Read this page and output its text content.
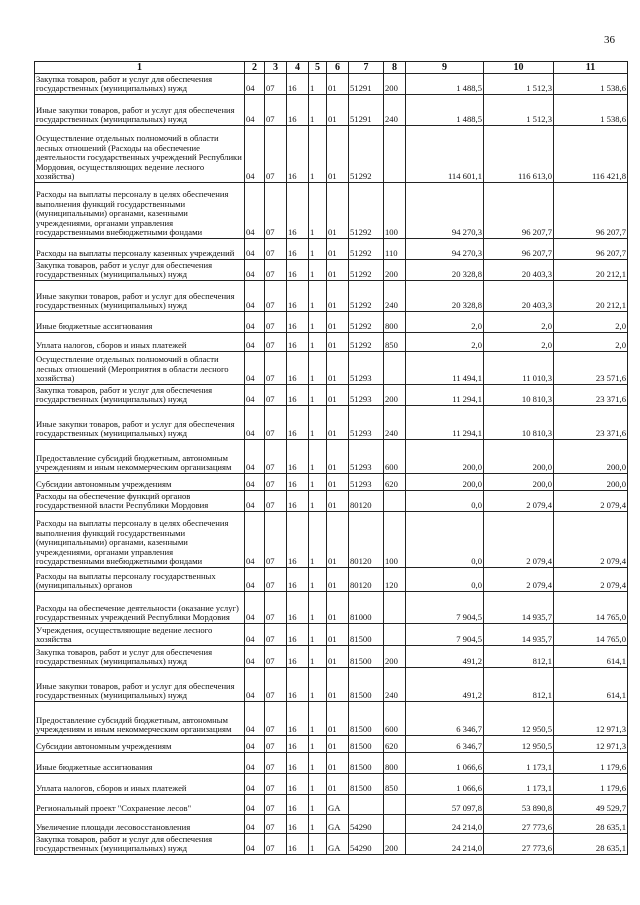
36
1	2	3	4	5	6	7	8	9	10	11
Закупка товаров, работ и услуг для обеспечения государственных (муниципальных) нужд	04	07	16	1	01	51291	200	1 488,5	1 512,3	1 538,6
Иные закупки товаров, работ и услуг для обеспечения государственных (муниципальных) нужд	04	07	16	1	01	51291	240	1 488,5	1 512,3	1 538,6
Осуществление отдельных полномочий в области лесных отношений (Расходы на обеспечение деятельности государственных учреждений Республики Мордовия, осуществляющих ведение лесного хозяйства)	04	07	16	1	01	51292		114 601,1	116 613,0	116 421,8
Расходы на выплаты персоналу в целях обеспечения выполнения функций государственными (муниципальными) органами, казенными учреждениями, органами управления государственными внебюджетными фондами	04	07	16	1	01	51292	100	94 270,3	96 207,7	96 207,7
Расходы на выплаты персоналу казенных учреждений	04	07	16	1	01	51292	110	94 270,3	96 207,7	96 207,7
Закупка товаров, работ и услуг для обеспечения государственных (муниципальных) нужд	04	07	16	1	01	51292	200	20 328,8	20 403,3	20 212,1
Иные закупки товаров, работ и услуг для обеспечения государственных (муниципальных) нужд	04	07	16	1	01	51292	240	20 328,8	20 403,3	20 212,1
Иные бюджетные ассигнования	04	07	16	1	01	51292	800	2,0	2,0	2,0
Уплата налогов, сборов и иных платежей	04	07	16	1	01	51292	850	2,0	2,0	2,0
Осуществление отдельных полномочий в области лесных отношений (Мероприятия в области лесного хозяйства)	04	07	16	1	01	51293		11 494,1	11 010,3	23 571,6
Закупка товаров, работ и услуг для обеспечения государственных (муниципальных) нужд	04	07	16	1	01	51293	200	11 294,1	10 810,3	23 371,6
Иные закупки товаров, работ и услуг для обеспечения государственных (муниципальных) нужд	04	07	16	1	01	51293	240	11 294,1	10 810,3	23 371,6
Предоставление субсидий бюджетным, автономным учреждениям и иным некоммерческим организациям	04	07	16	1	01	51293	600	200,0	200,0	200,0
Субсидии автономным учреждениям	04	07	16	1	01	51293	620	200,0	200,0	200,0
Расходы на обеспечение функций органов государственной власти Республики Мордовия	04	07	16	1	01	80120		0,0	2 079,4	2 079,4
Расходы на выплаты персоналу в целях обеспечения выполнения функций государственными (муниципальными) органами, казенными учреждениями, органами управления государственными внебюджетными фондами	04	07	16	1	01	80120	100	0,0	2 079,4	2 079,4
Расходы на выплаты персоналу государственных (муниципальных) органов	04	07	16	1	01	80120	120	0,0	2 079,4	2 079,4
Расходы на обеспечение деятельности (оказание услуг) государственных учреждений Республики Мордовия	04	07	16	1	01	81000		7 904,5	14 935,7	14 765,0
Учреждения, осуществляющие ведение лесного хозяйства	04	07	16	1	01	81500		7 904,5	14 935,7	14 765,0
Закупка товаров, работ и услуг для обеспечения государственных (муниципальных) нужд	04	07	16	1	01	81500	200	491,2	812,1	614,1
Иные закупки товаров, работ и услуг для обеспечения государственных (муниципальных) нужд	04	07	16	1	01	81500	240	491,2	812,1	614,1
Предоставление субсидий бюджетным, автономным учреждениям и иным некоммерческим организациям	04	07	16	1	01	81500	600	6 346,7	12 950,5	12 971,3
Субсидии автономным учреждениям	04	07	16	1	01	81500	620	6 346,7	12 950,5	12 971,3
Иные бюджетные ассигнования	04	07	16	1	01	81500	800	1 066,6	1 173,1	1 179,6
Уплата налогов, сборов и иных платежей	04	07	16	1	01	81500	850	1 066,6	1 173,1	1 179,6
Региональный проект "Сохранение лесов"	04	07	16	1	GA			57 097,8	53 890,8	49 529,7
Увеличение площади лесовосстановления	04	07	16	1	GA	54290		24 214,0	27 773,6	28 635,1
Закупка товаров, работ и услуг для обеспечения государственных (муниципальных) нужд	04	07	16	1	GA	54290	200	24 214,0	27 773,6	28 635,1
